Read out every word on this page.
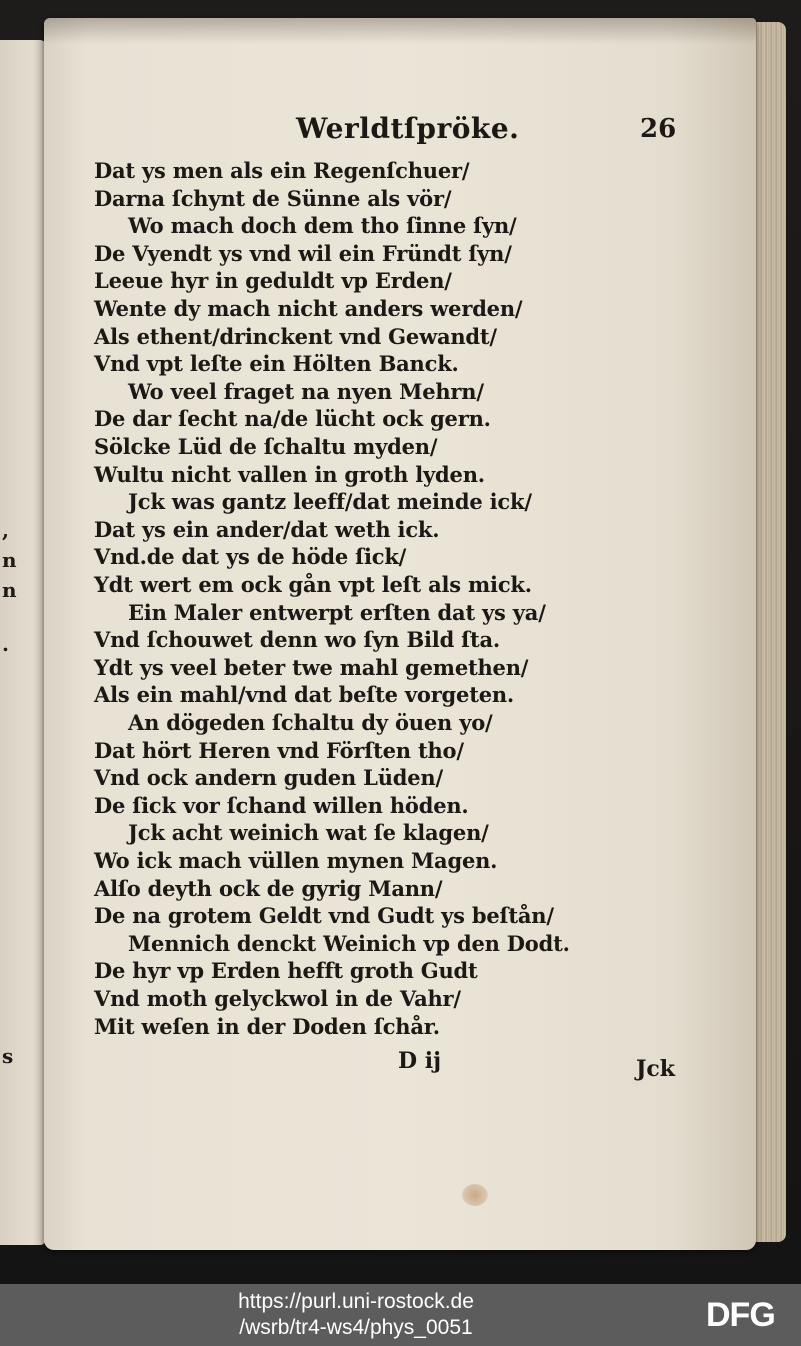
,
n
n
.
s
Werldtſpröke.	26
Dat ys men als ein Regenſchuer/
Darna ſchynt de Sünne als vör/
Wo mach doch dem tho ſinne ſyn/
De Vyendt ys vnd wil ein Fründt ſyn/
Leeue hyr in geduldt vp Erden/
Wente dy mach nicht anders werden/
Als ethent/drinckent vnd Gewandt/
Vnd vpt leſte ein Hölten Banck.
Wo veel fraget na nyen Mehrn/
De dar ſecht na/de lücht ock gern.
Sölcke Lüd de ſchaltu myden/
Wultu nicht vallen in groth lyden.
Jck was gantz leeff/dat meinde ick/
Dat ys ein ander/dat weth ick.
Vnd.de dat ys de höde ſick/
Ydt wert em ock gån vpt leſt als mick.
Ein Maler entwerpt erſten dat ys ya/
Vnd ſchouwet denn wo ſyn Bild ſta.
Ydt ys veel beter twe mahl gemethen/
Als ein mahl/vnd dat beſte vorgeten.
An dögeden ſchaltu dy öuen yo/
Dat hört Heren vnd Förſten tho/
Vnd ock andern guden Lüden/
De ſick vor ſchand willen höden.
Jck acht weinich wat ſe klagen/
Wo ick mach vüllen mynen Magen.
Alſo deyth ock de gyrig Mann/
De na grotem Geldt vnd Gudt ys beſtån/
Mennich denckt Weinich vp den Dodt.
De hyr vp Erden hefft groth Gudt
Vnd moth gelyckwol in de Vahr/
Mit weſen in der Doden ſchår.
D ij	Jck
https://purl.uni-rostock.de
/wsrb/tr4-ws4/phys_0051	DFG
